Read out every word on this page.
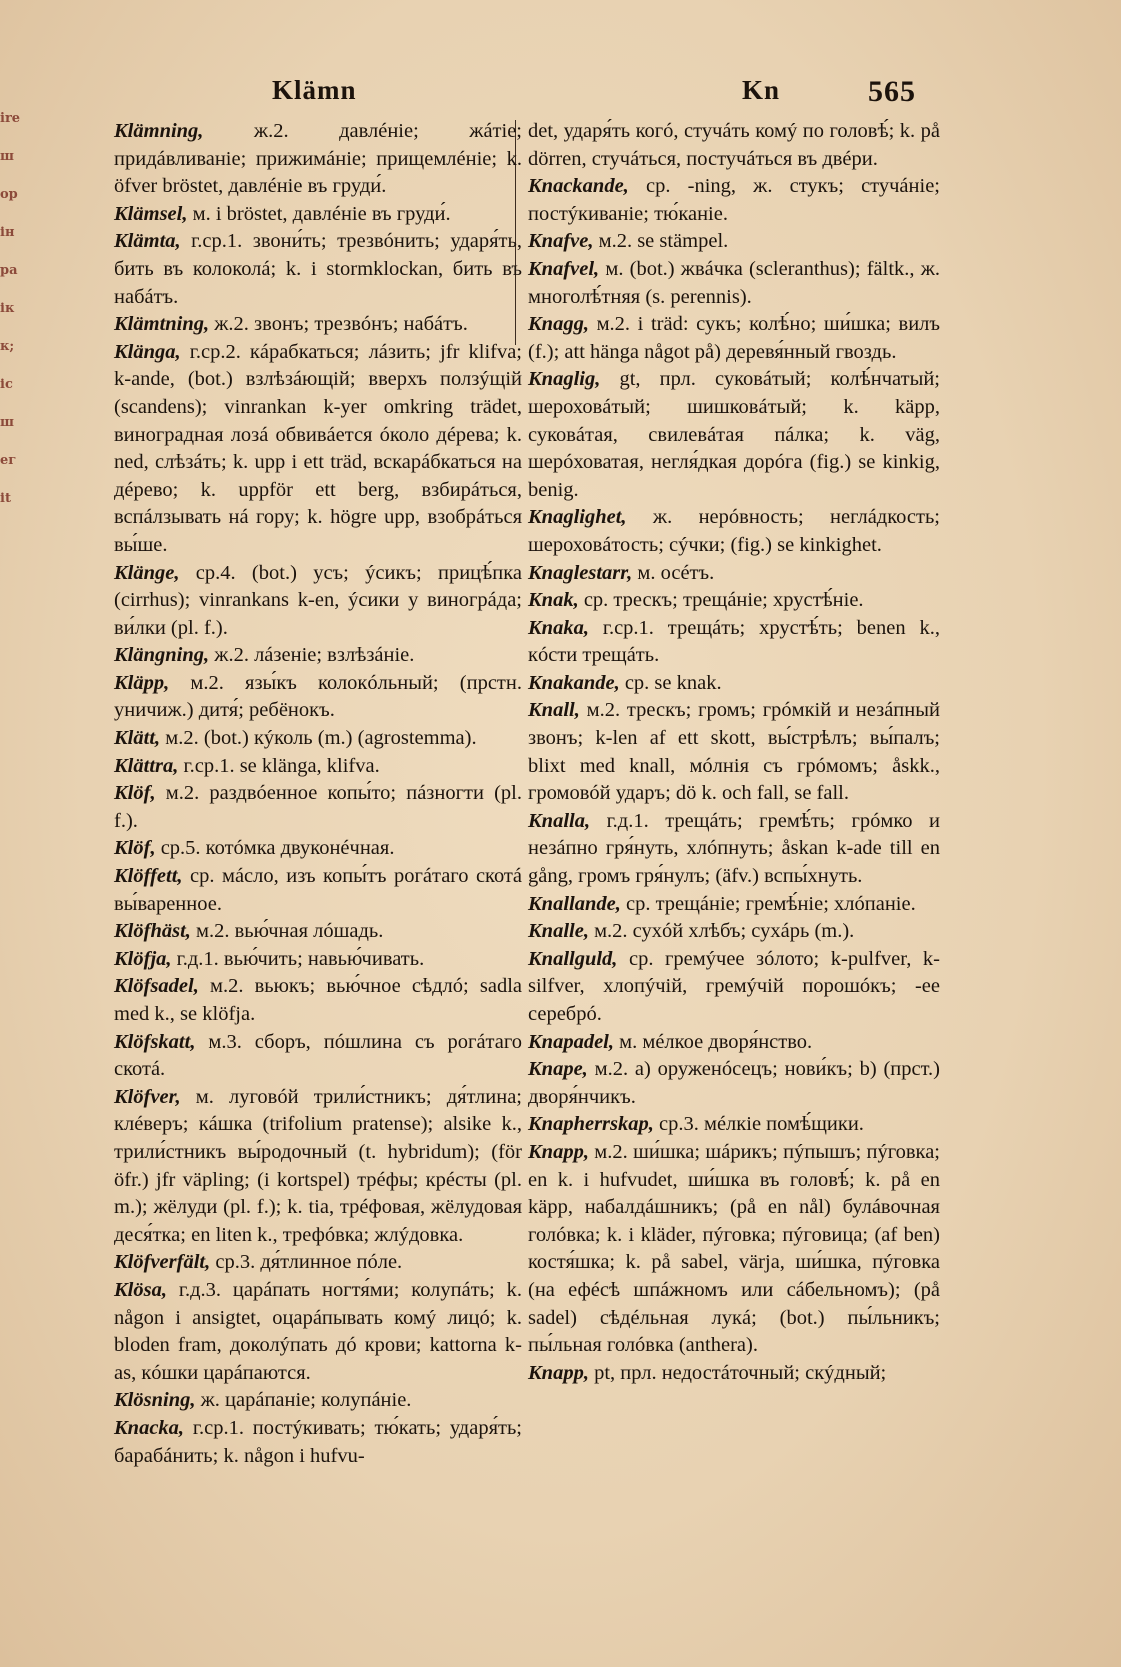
ire
ш
ор
ін
ра
ік
к;
іс
ш
ег
іt
Klämn	Kn	565

Klämning, ж.2. давлéніе; жáтіе; придáвливаніе; прижимáніе; прищемлéніе; k. öfver bröstet, давлéніе въ груди́.

Klämsel, м. i bröstet, давлéніе въ груди́.

Klämta, г.ср.1. звони́ть; трезвóнить; ударя́ть, бить въ колоколá; k. i stormklockan, бить въ набáтъ.

Klämtning, ж.2. звонъ; трезвóнъ; набáтъ.

Klänga, г.ср.2. кáрабкаться; лáзить; jfr klifva; k-ande, (bot.) взлѣзáющій; вверхъ ползýщій (scandens); vinrankan k-yer omkring trädet, виноградная лозá обвивáется óколо дéрева; k. ned, слѣзáть; k. upp i ett träd, вскарáбкаться на дéрево; k. uppför ett berg, взбирáться, вспáлзывать нá гору; k. högre upp, взобрáться вы́ше.

Klänge, ср.4. (bot.) усъ; ýсикъ; прицѣ́пка (cirrhus); vinrankans k-en, ýсики у виногрáда; ви́лки (pl. f.).

Klängning, ж.2. лáзеніе; взлѣзáніе.

Kläpp, м.2. язы́къ колокóльный; (прстн. уничиж.) дитя́; ребёнокъ.

Klätt, м.2. (bot.) кýколь (m.) (agrostemma).

Klättra, г.ср.1. se klänga, klifva.

Klöf, м.2. раздвóенное копы́то; пáзногти (pl. f.).

Klöf, ср.5. котóмка двуконéчная.

Klöffett, ср. мáсло, изъ копы́тъ рогáтаго скотá вы́варенное.

Klöfhäst, м.2. вью́чная лóшадь.

Klöfja, г.д.1. вью́чить; навью́чивать.

Klöfsadel, м.2. вьюкъ; вью́чное сѣдлó; sadla med k., se klöfja.

Klöfskatt, м.3. сборъ, пóшлина съ рогáтаго скотá.

Klöfver, м. луговóй трили́стникъ; дя́тлина; клéверъ; кáшка (trifolium pratense); alsike k., трили́стникъ вы́родочный (t. hybridum); (för öfr.) jfr väpling; (i kortspel) трéфы; крéсты (pl. m.); жёлуди (pl. f.); k. tia, трéфовая, жёлудовая деся́тка; en liten k., трефóвка; жлýдовка.

Klöfverfält, ср.3. дя́тлинное пóле.

Klösa, г.д.3. царáпать ногтя́ми; колупáть; k. någon i ansigtet, оцарáпывать комý лицó; k. bloden fram, доколýпать дó крови; kattorna k-as, кóшки царáпаются.

Klösning, ж. царáпаніе; колупáніе.

Knacka, г.ср.1. постýкивать; тю́кать; ударя́ть; барабáнить; k. någon i hufvu-

det, ударя́ть когó, стучáть комý по головѣ́; k. på dörren, стучáться, постучáться въ двéри.

Knackande, ср. -ning, ж. стукъ; стучáніе; постýкиваніе; тю́каніе.

Knafve, м.2. se stämpel.

Knafvel, м. (bot.) жвáчка (scleranthus); fältk., ж. многолѣ́тняя (s. perennis).

Knagg, м.2. i träd: сукъ; колѣ́но; ши́шка; вилъ (f.); att hänga något på) деревя́нный гвоздь.

Knaglig, gt, прл. суковáтый; колѣ́нчатый; шероховáтый; шишковáтый; k. käpp, суковáтая, свилевáтая пáлка; k. väg, шерóховатая, негля́дкая дорóга (fig.) se kinkig, benig.

Knaglighet, ж. нерóвность; неглáдкость; шероховáтость; сýчки; (fig.) se kinkighet.

Knaglestarr, м. осéтъ.

Knak, ср. трескъ; трещáніе; хрустѣ́ніе.

Knaka, г.ср.1. трещáть; хрустѣ́ть; benen k., кóсти трещáть.

Knakande, ср. se knak.

Knall, м.2. трескъ; громъ; грóмкій и незáпный звонъ; k-len af ett skott, вы́стрѣлъ; вы́палъ; blixt med knall, мóлнія съ грóмомъ; åskk., громовóй ударъ; dö k. och fall, se fall.

Knalla, г.д.1. трещáть; гремѣ́ть; грóмко и незáпно гря́нуть, хлóпнуть; åskan k-ade till en gång, громъ гря́нулъ; (äfv.) вспы́хнуть.

Knallande, ср. трещáніе; гремѣ́ніе; хлóпаніе.

Knalle, м.2. сухóй хлѣбъ; сухáрь (m.).

Knallguld, ср. гремýчее зóлото; k-pulfver, k-silfver, хлопýчій, гремýчій порошóкъ; -ее серебрó.

Knapadel, м. мéлкое дворя́нство.

Knape, м.2. а) оруженóсецъ; нови́къ; b) (прст.) дворя́нчикъ.

Knapherrskap, ср.3. мéлкіе помѣ́щики.

Knapp, м.2. ши́шка; шáрикъ; пýпышъ; пýговка; en k. i hufvudet, ши́шка въ головѣ́; k. på en käpp, набалдáшникъ; (på en nål) булáвочная голóвка; k. i kläder, пýговка; пýговица; (af ben) костя́шка; k. på sabel, värja, ши́шка, пýговка (на ефéсѣ шпáжномъ или сáбельномъ); (på sadel) сѣдéльная лукá; (bot.) пы́льникъ; пы́льная голóвка (anthera).

Knapp, pt, прл. недостáточный; скýдный;
